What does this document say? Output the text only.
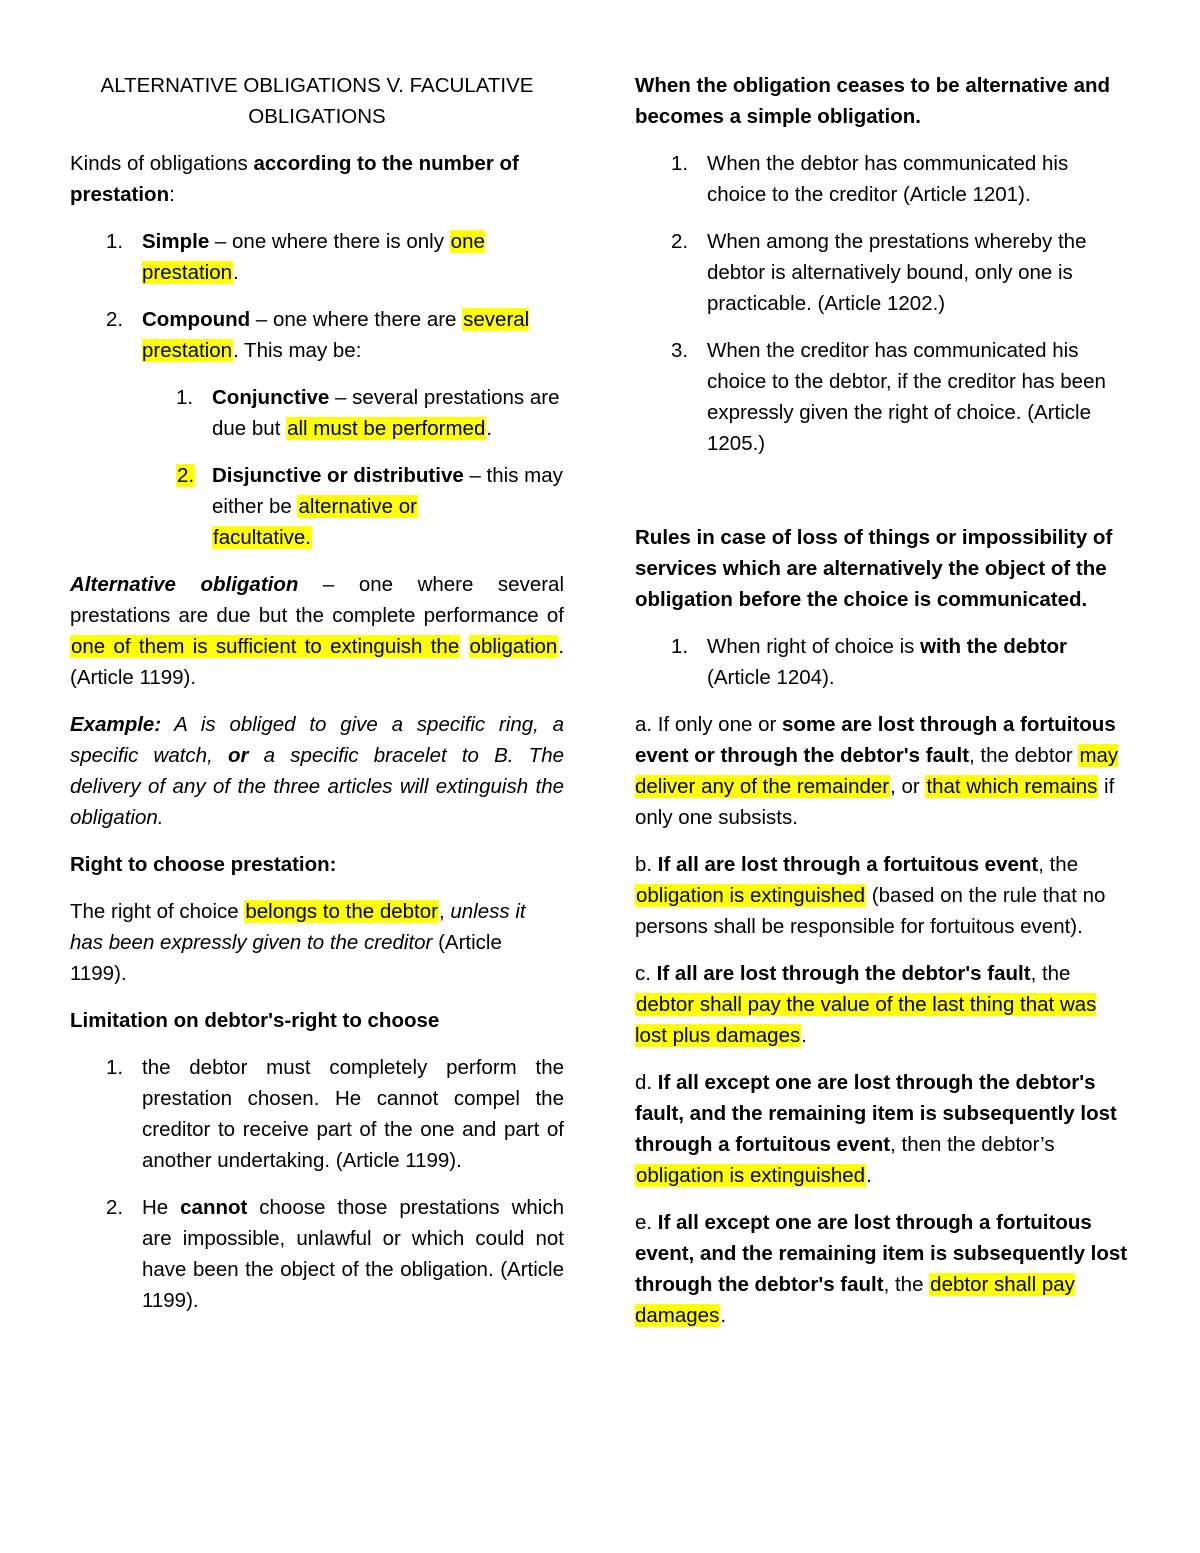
ALTERNATIVE OBLIGATIONS V. FACULATIVE
OBLIGATIONS

Kinds of obligations according to the number of prestation:

1. Simple – one where there is only one prestation.
2. Compound – one where there are several prestation. This may be:
1. Conjunctive – several prestations are due but all must be performed.
2. Disjunctive or distributive – this may either be alternative or
facultative.

Alternative obligation – one where several prestations are due but the complete performance of one of them is sufficient to extinguish the obligation. (Article 1199).

Example: A is obliged to give a specific ring, a specific watch, or a specific bracelet to B. The delivery of any of the three articles will extinguish the obligation.

Right to choose prestation:

The right of choice belongs to the debtor, unless it has been expressly given to the creditor (Article 1199).

Limitation on debtor's-right to choose

1. the debtor must completely perform the prestation chosen. He cannot compel the creditor to receive part of the one and part of another undertaking. (Article 1199).
2. He cannot choose those prestations which are impossible, unlawful or which could not have been the object of the obligation. (Article 1199).

When the obligation ceases to be alternative and becomes a simple obligation.

1. When the debtor has communicated his choice to the creditor (Article 1201).
2. When among the prestations whereby the debtor is alternatively bound, only one is practicable. (Article 1202.)
3. When the creditor has communicated his choice to the debtor, if the creditor has been expressly given the right of choice. (Article 1205.)

Rules in case of loss of things or impossibility of services which are alternatively the object of the obligation before the choice is communicated.

1. When right of choice is with the debtor (Article 1204).

a. If only one or some are lost through a fortuitous event or through the debtor's fault, the debtor may deliver any of the remainder, or that which remains if only one subsists.

b. If all are lost through a fortuitous event, the obligation is extinguished (based on the rule that no persons shall be responsible for fortuitous event).

c. If all are lost through the debtor's fault, the debtor shall pay the value of the last thing that was lost plus damages.

d. If all except one are lost through the debtor's fault, and the remaining item is subsequently lost through a fortuitous event, then the debtor’s obligation is extinguished.

e. If all except one are lost through a fortuitous event, and the remaining item is subsequently lost through the debtor's fault, the debtor shall pay damages.
